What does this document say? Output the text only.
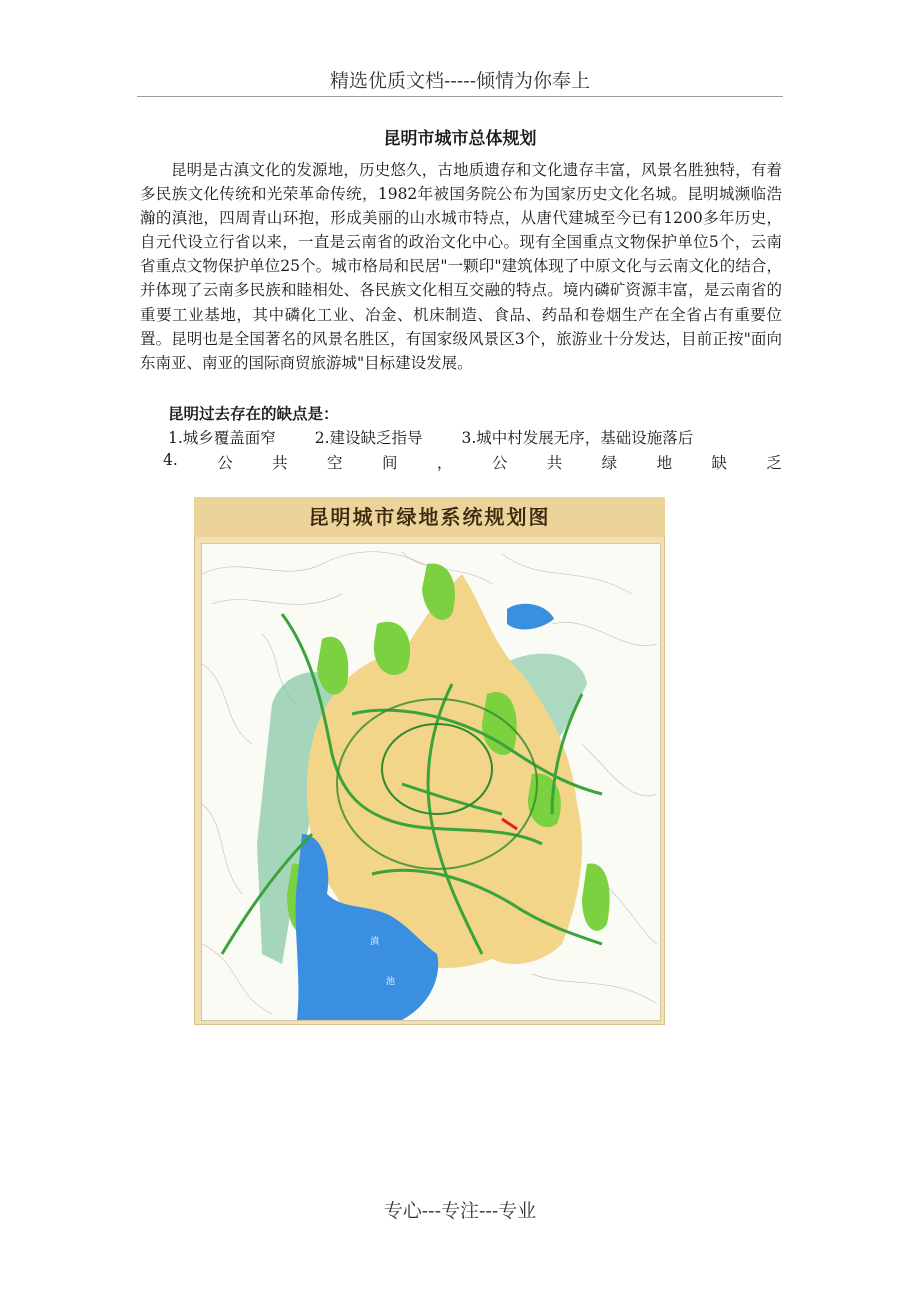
精选优质文档-----倾情为你奉上
昆明市城市总体规划
昆明是古滇文化的发源地，历史悠久，古地质遗存和文化遗存丰富，风景名胜独特，有着多民族文化传统和光荣革命传统，1982年被国务院公布为国家历史文化名城。昆明城濒临浩瀚的滇池，四周青山环抱，形成美丽的山水城市特点，从唐代建城至今已有1200多年历史，自元代设立行省以来，一直是云南省的政治文化中心。现有全国重点文物保护单位5个，云南省重点文物保护单位25个。城市格局和民居"一颗印"建筑体现了中原文化与云南文化的结合，并体现了云南多民族和睦相处、各民族文化相互交融的特点。境内磷矿资源丰富，是云南省的重要工业基地，其中磷化工业、冶金、机床制造、食品、药品和卷烟生产在全省占有重要位置。昆明也是全国著名的风景名胜区，有国家级风景区3个，旅游业十分发达，目前正按"面向东南亚、南亚的国际商贸旅游城"目标建设发展。
昆明过去存在的缺点是：
1.城乡覆盖面窄	2.建设缺乏指导	3.城中村发展无序，基础设施落后
4.	公	共	空	间	，	公	共	绿	地	缺	乏
昆明城市绿地系统规划图
滇
池
专心---专注---专业
